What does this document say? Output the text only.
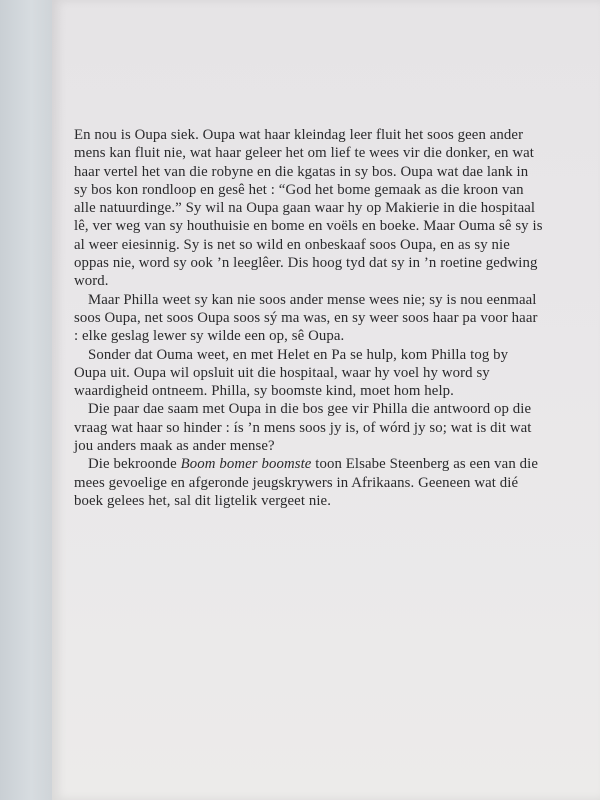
En nou is Oupa siek. Oupa wat haar kleindag leer fluit het soos geen ander mens kan fluit nie, wat haar geleer het om lief te wees vir die donker, en wat haar vertel het van die robyne en die kgatas in sy bos. Oupa wat dae lank in sy bos kon rondloop en gesê het : “God het bome gemaak as die kroon van alle natuurdinge.” Sy wil na Oupa gaan waar hy op Makierie in die hospitaal lê, ver weg van sy houthuisie en bome en voëls en boeke. Maar Ouma sê sy is al weer eiesinnig. Sy is net so wild en onbeskaaf soos Oupa, en as sy nie oppas nie, word sy ook ’n leeglêer. Dis hoog tyd dat sy in ’n roetine gedwing word.

Maar Philla weet sy kan nie soos ander mense wees nie; sy is nou eenmaal soos Oupa, net soos Oupa soos sý ma was, en sy weer soos haar pa voor haar : elke geslag lewer sy wilde een op, sê Oupa.

Sonder dat Ouma weet, en met Helet en Pa se hulp, kom Philla tog by Oupa uit. Oupa wil opsluit uit die hospitaal, waar hy voel hy word sy waardigheid ontneem. Philla, sy boomste kind, moet hom help.

Die paar dae saam met Oupa in die bos gee vir Philla die antwoord op die vraag wat haar so hinder : ís ’n mens soos jy is, of wórd jy so; wat is dit wat jou anders maak as ander mense?

Die bekroonde Boom bomer boomste toon Elsabe Steenberg as een van die mees gevoelige en afgeronde jeugskrywers in Afrikaans. Geeneen wat dié boek gelees het, sal dit ligtelik vergeet nie.
